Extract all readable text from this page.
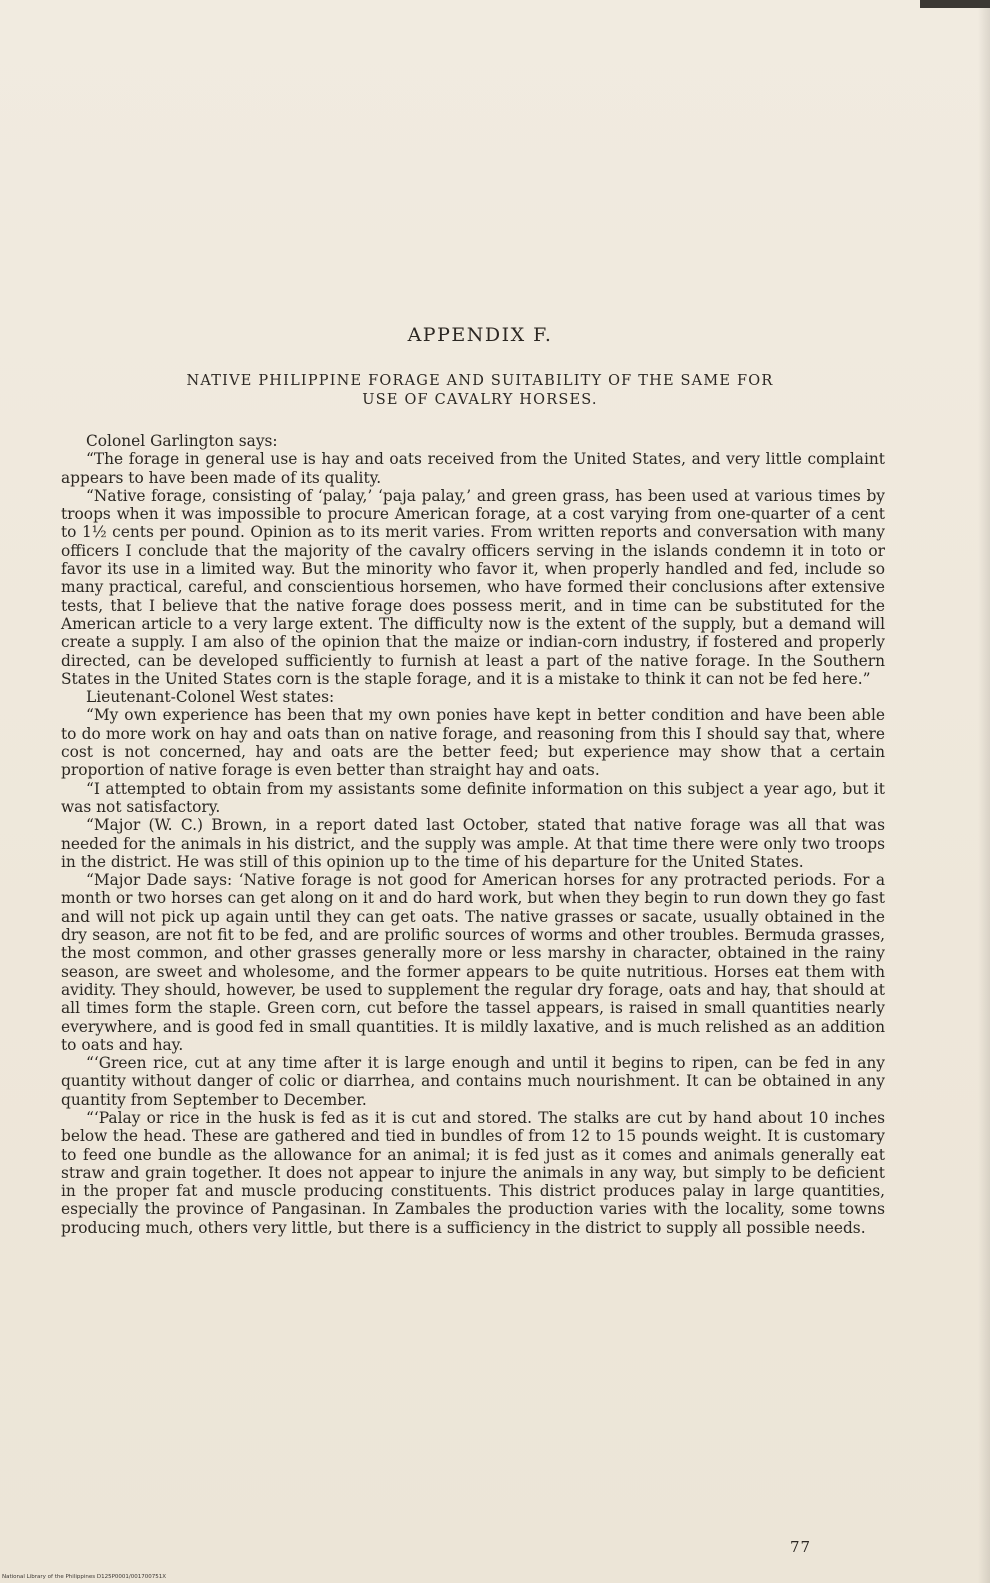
APPENDIX F.
NATIVE PHILIPPINE FORAGE AND SUITABILITY OF THE SAME FOR
USE OF CAVALRY HORSES.

Colonel Garlington says:

“The forage in general use is hay and oats received from the United States, and very little complaint appears to have been made of its quality.

“Native forage, consisting of ‘palay,’ ‘paja palay,’ and green grass, has been used at various times by troops when it was impossible to procure American forage, at a cost varying from one-quarter of a cent to 1½ cents per pound. Opinion as to its merit varies. From written reports and conversation with many officers I conclude that the majority of the cavalry officers serving in the islands condemn it in toto or favor its use in a limited way. But the minority who favor it, when properly handled and fed, include so many practical, careful, and conscientious horsemen, who have formed their conclusions after extensive tests, that I believe that the native forage does possess merit, and in time can be substituted for the American article to a very large extent. The difficulty now is the extent of the supply, but a demand will create a supply. I am also of the opinion that the maize or indian-corn industry, if fostered and properly directed, can be developed sufficiently to furnish at least a part of the native forage. In the Southern States in the United States corn is the staple forage, and it is a mistake to think it can not be fed here.”

Lieutenant-Colonel West states:

“My own experience has been that my own ponies have kept in better condition and have been able to do more work on hay and oats than on native forage, and reasoning from this I should say that, where cost is not concerned, hay and oats are the better feed; but experience may show that a certain proportion of native forage is even better than straight hay and oats.

“I attempted to obtain from my assistants some definite information on this subject a year ago, but it was not satisfactory.

“Major (W. C.) Brown, in a report dated last October, stated that native forage was all that was needed for the animals in his district, and the supply was ample. At that time there were only two troops in the district. He was still of this opinion up to the time of his departure for the United States.

“Major Dade says: ‘Native forage is not good for American horses for any protracted periods. For a month or two horses can get along on it and do hard work, but when they begin to run down they go fast and will not pick up again until they can get oats. The native grasses or sacate, usually obtained in the dry season, are not fit to be fed, and are prolific sources of worms and other troubles. Bermuda grasses, the most common, and other grasses generally more or less marshy in character, obtained in the rainy season, are sweet and wholesome, and the former appears to be quite nutritious. Horses eat them with avidity. They should, however, be used to supplement the regular dry forage, oats and hay, that should at all times form the staple. Green corn, cut before the tassel appears, is raised in small quantities nearly everywhere, and is good fed in small quantities. It is mildly laxative, and is much relished as an addition to oats and hay.

“‘Green rice, cut at any time after it is large enough and until it begins to ripen, can be fed in any quantity without danger of colic or diarrhea, and contains much nourishment. It can be obtained in any quantity from September to December.

“‘Palay or rice in the husk is fed as it is cut and stored. The stalks are cut by hand about 10 inches below the head. These are gathered and tied in bundles of from 12 to 15 pounds weight. It is customary to feed one bundle as the allowance for an animal; it is fed just as it comes and animals generally eat straw and grain together. It does not appear to injure the animals in any way, but simply to be deficient in the proper fat and muscle producing constituents. This district produces palay in large quantities, especially the province of Pangasinan. In Zambales the production varies with the locality, some towns producing much, others very little, but there is a sufficiency in the district to supply all possible needs.

77
National Library of the Philippines D125P0001/001700751X
